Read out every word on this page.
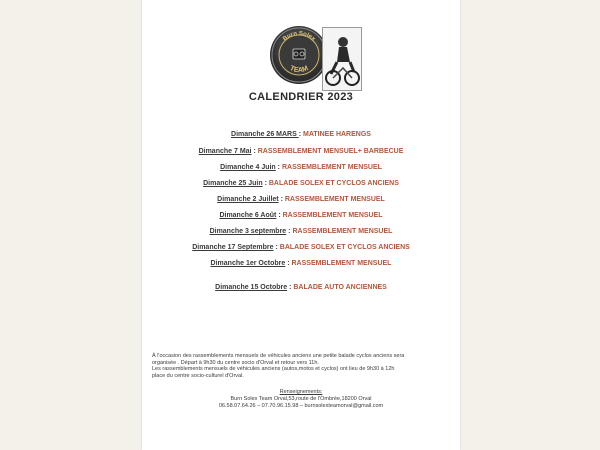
Burn Solex
TEAM
CALENDRIER 2023
Dimanche 26 MARS : MATINEE HARENGS
Dimanche 7 Mai : RASSEMBLEMENT MENSUEL+ BARBECUE
Dimanche 4 Juin : RASSEMBLEMENT MENSUEL
Dimanche 25 Juin : BALADE SOLEX ET CYCLOS ANCIENS
Dimanche 2 Juillet : RASSEMBLEMENT MENSUEL
Dimanche 6 Août : RASSEMBLEMENT MENSUEL
Dimanche 3 septembre : RASSEMBLEMENT MENSUEL
Dimanche 17 Septembre : BALADE SOLEX ET CYCLOS ANCIENS
Dimanche 1er Octobre : RASSEMBLEMENT MENSUEL
Dimanche 15 Octobre : BALADE AUTO ANCIENNES
À l'occasion des rassemblements mensuels de véhicules anciens une petite balade cyclos anciens sera
organisée . Départ à 9h30 du centre socio d'Orval et retour vers 11h.
Les rassemblements mensuels de véhicules anciens (autos,motos et cyclos) ont lieu de 9h30 à 12h
place du centre socio-culturel d'Orval.
Renseignements:
Burn Solex Team Orval,53,route de l'Ombrée,18200 Orval
06.58.07.64.26 – 07.70.96.15.98 – burnsolexteamorval@gmail.com
